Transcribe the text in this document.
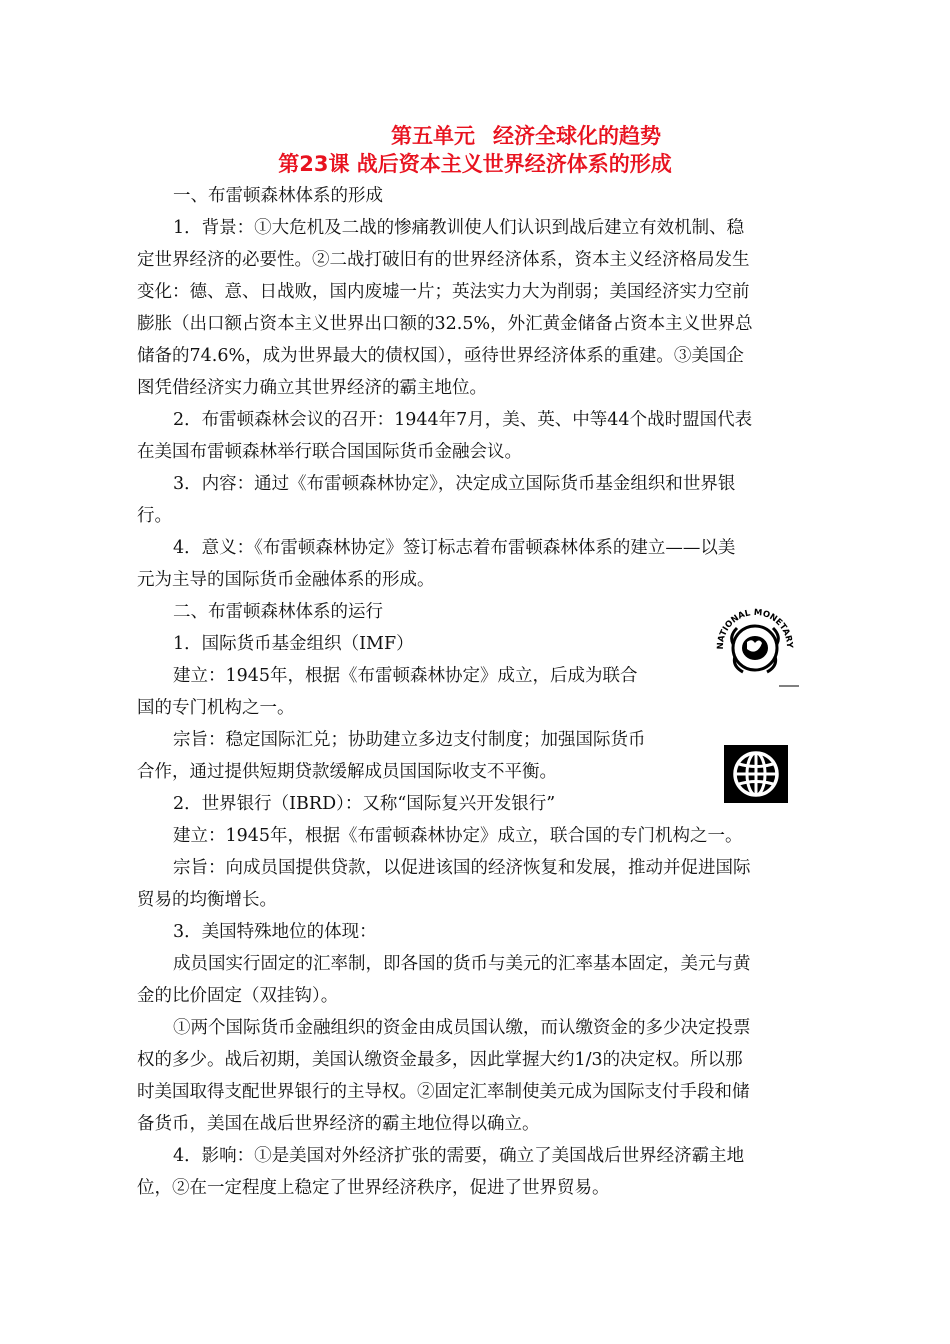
第五单元 经济全球化的趋势
第23课 战后资本主义世界经济体系的形成
一、布雷顿森林体系的形成
1．背景：①大危机及二战的惨痛教训使人们认识到战后建立有效机制、稳
定世界经济的必要性。②二战打破旧有的世界经济体系，资本主义经济格局发生
变化：德、意、日战败，国内废墟一片；英法实力大为削弱；美国经济实力空前
膨胀（出口额占资本主义世界出口额的32.5%，外汇黄金储备占资本主义世界总
储备的74.6%，成为世界最大的债权国），亟待世界经济体系的重建。③美国企
图凭借经济实力确立其世界经济的霸主地位。
2．布雷顿森林会议的召开：1944年7月，美、英、中等44个战时盟国代表
在美国布雷顿森林举行联合国国际货币金融会议。
3．内容：通过《布雷顿森林协定》，决定成立国际货币基金组织和世界银
行。
4．意义：《布雷顿森林协定》签订标志着布雷顿森林体系的建立——以美
元为主导的国际货币金融体系的形成。
二、布雷顿森林体系的运行
1．国际货币基金组织（IMF）
建立：1945年，根据《布雷顿森林协定》成立，后成为联合
国的专门机构之一。
宗旨：稳定国际汇兑；协助建立多边支付制度；加强国际货币
合作，通过提供短期贷款缓解成员国国际收支不平衡。
2．世界银行（IBRD）：又称“国际复兴开发银行”
建立：1945年，根据《布雷顿森林协定》成立，联合国的专门机构之一。
宗旨：向成员国提供贷款，以促进该国的经济恢复和发展，推动并促进国际
贸易的均衡增长。
3．美国特殊地位的体现：
成员国实行固定的汇率制，即各国的货币与美元的汇率基本固定，美元与黄
金的比价固定（双挂钩）。
①两个国际货币金融组织的资金由成员国认缴，而认缴资金的多少决定投票
权的多少。战后初期，美国认缴资金最多，因此掌握大约1/3的决定权。所以那
时美国取得支配世界银行的主导权。②固定汇率制使美元成为国际支付手段和储
备货币，美国在战后世界经济的霸主地位得以确立。
4．影响：①是美国对外经济扩张的需要，确立了美国战后世界经济霸主地
位，②在一定程度上稳定了世界经济秩序，促进了世界贸易。
NATIONAL MONETARY
